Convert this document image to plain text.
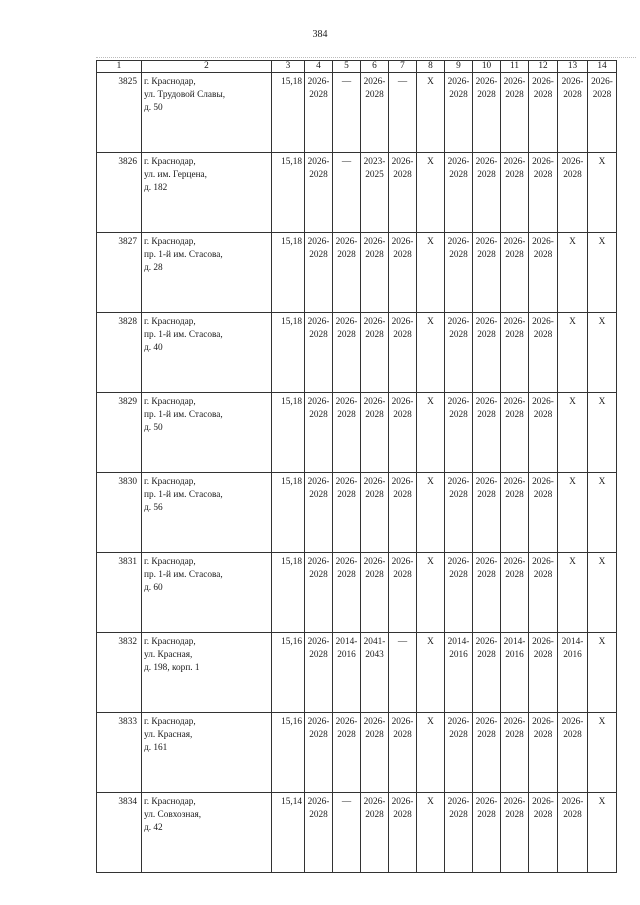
384
1	2	3	4	5	6	7	8	9	10	11	12	13	14
3825	г. Краснодар,
ул. Трудовой Славы,
д. 50	15,18	2026-
2028	—	2026-
2028	—	X	2026-
2028	2026-
2028	2026-
2028	2026-
2028	2026-
2028	2026-
2028
3826	г. Краснодар,
ул. им. Герцена,
д. 182	15,18	2026-
2028	—	2023-
2025	2026-
2028	X	2026-
2028	2026-
2028	2026-
2028	2026-
2028	2026-
2028	X
3827	г. Краснодар,
пр. 1-й им. Стасова,
д. 28	15,18	2026-
2028	2026-
2028	2026-
2028	2026-
2028	X	2026-
2028	2026-
2028	2026-
2028	2026-
2028	X	X
3828	г. Краснодар,
пр. 1-й им. Стасова,
д. 40	15,18	2026-
2028	2026-
2028	2026-
2028	2026-
2028	X	2026-
2028	2026-
2028	2026-
2028	2026-
2028	X	X
3829	г. Краснодар,
пр. 1-й им. Стасова,
д. 50	15,18	2026-
2028	2026-
2028	2026-
2028	2026-
2028	X	2026-
2028	2026-
2028	2026-
2028	2026-
2028	X	X
3830	г. Краснодар,
пр. 1-й им. Стасова,
д. 56	15,18	2026-
2028	2026-
2028	2026-
2028	2026-
2028	X	2026-
2028	2026-
2028	2026-
2028	2026-
2028	X	X
3831	г. Краснодар,
пр. 1-й им. Стасова,
д. 60	15,18	2026-
2028	2026-
2028	2026-
2028	2026-
2028	X	2026-
2028	2026-
2028	2026-
2028	2026-
2028	X	X
3832	г. Краснодар,
ул. Красная,
д. 198, корп. 1	15,16	2026-
2028	2014-
2016	2041-
2043	—	X	2014-
2016	2026-
2028	2014-
2016	2026-
2028	2014-
2016	X
3833	г. Краснодар,
ул. Красная,
д. 161	15,16	2026-
2028	2026-
2028	2026-
2028	2026-
2028	X	2026-
2028	2026-
2028	2026-
2028	2026-
2028	2026-
2028	X
3834	г. Краснодар,
ул. Совхозная,
д. 42	15,14	2026-
2028	—	2026-
2028	2026-
2028	X	2026-
2028	2026-
2028	2026-
2028	2026-
2028	2026-
2028	X
